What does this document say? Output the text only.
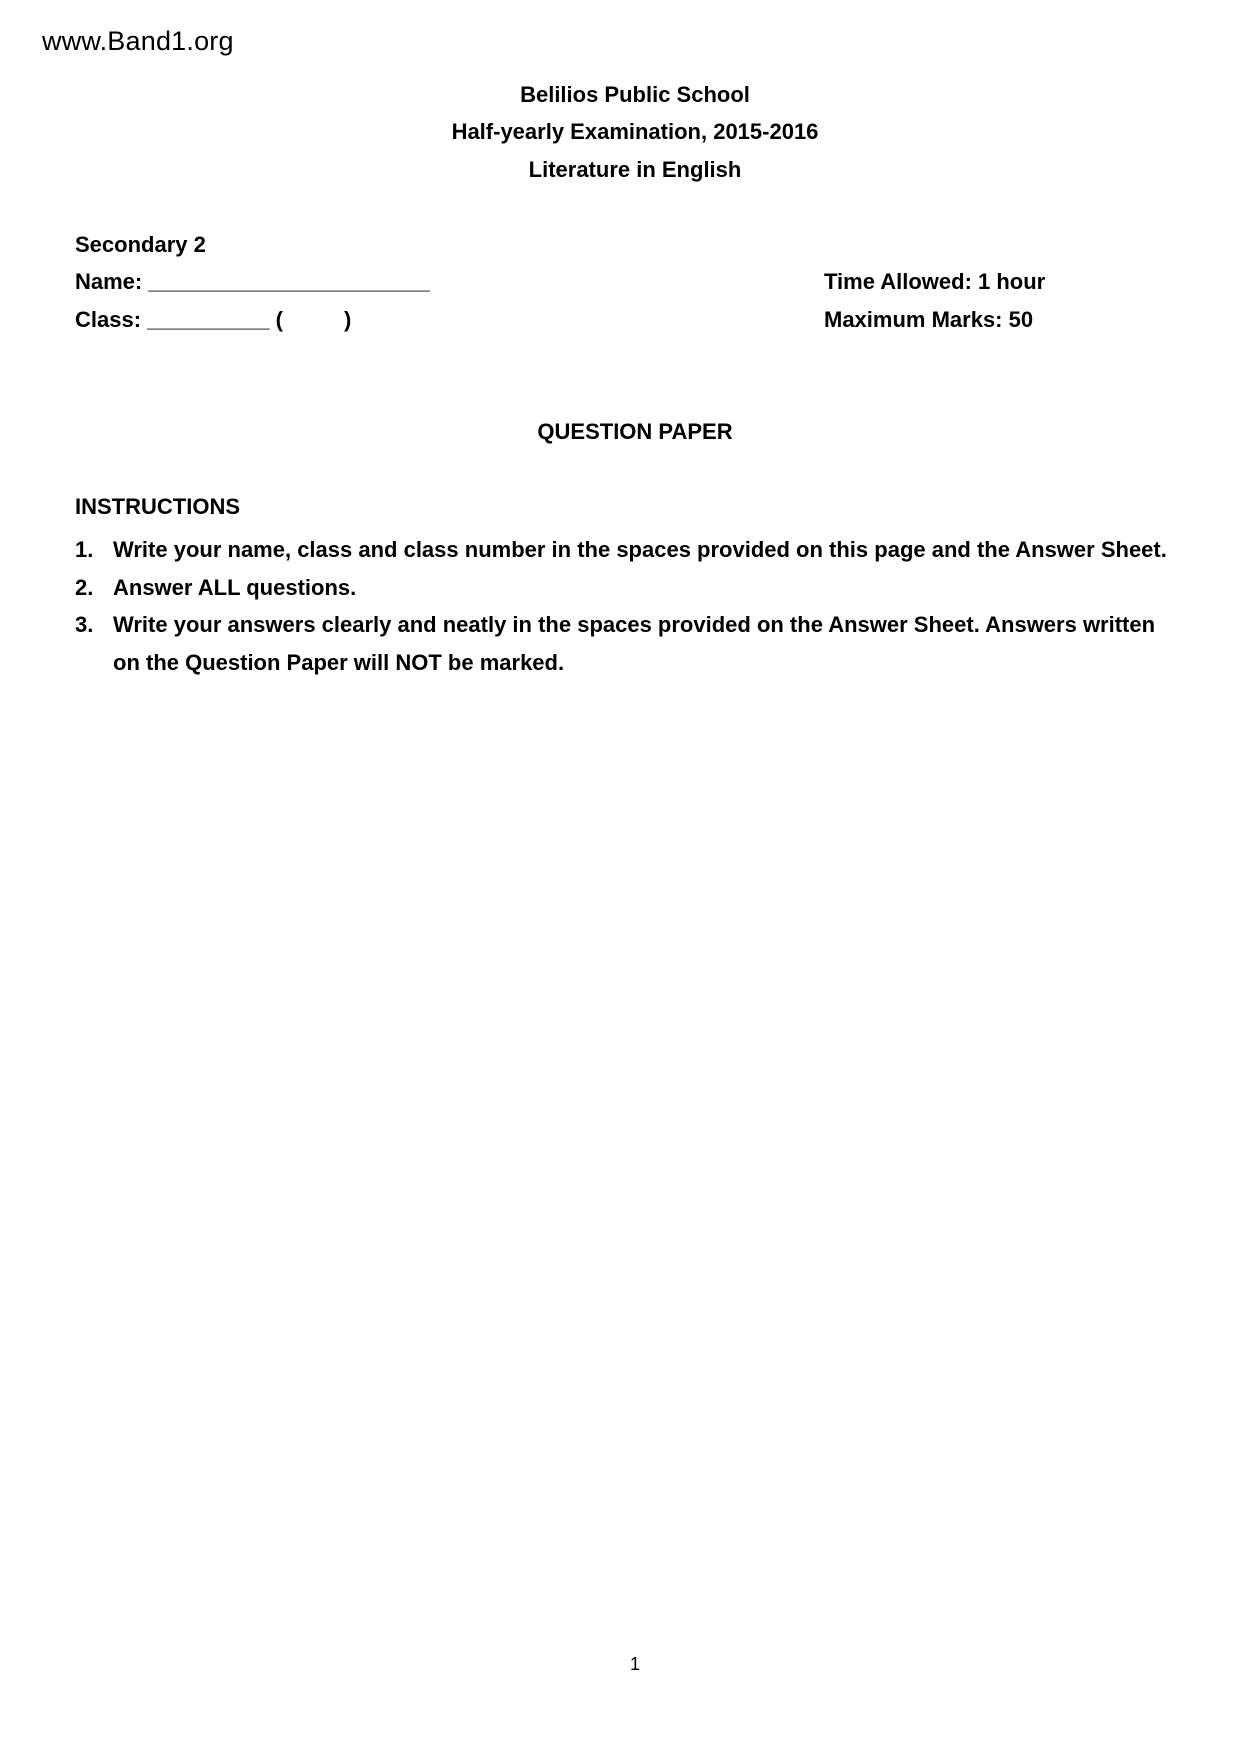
www.Band1.org
Belilios Public School
Half-yearly Examination, 2015-2016
Literature in English
Secondary 2
Name: _______________________
Class: __________ (          )
Time Allowed: 1 hour
Maximum Marks: 50
QUESTION PAPER
INSTRUCTIONS
1. Write your name, class and class number in the spaces provided on this page and the Answer Sheet.
2. Answer ALL questions.
3. Write your answers clearly and neatly in the spaces provided on the Answer Sheet. Answers written on the Question Paper will NOT be marked.
1
